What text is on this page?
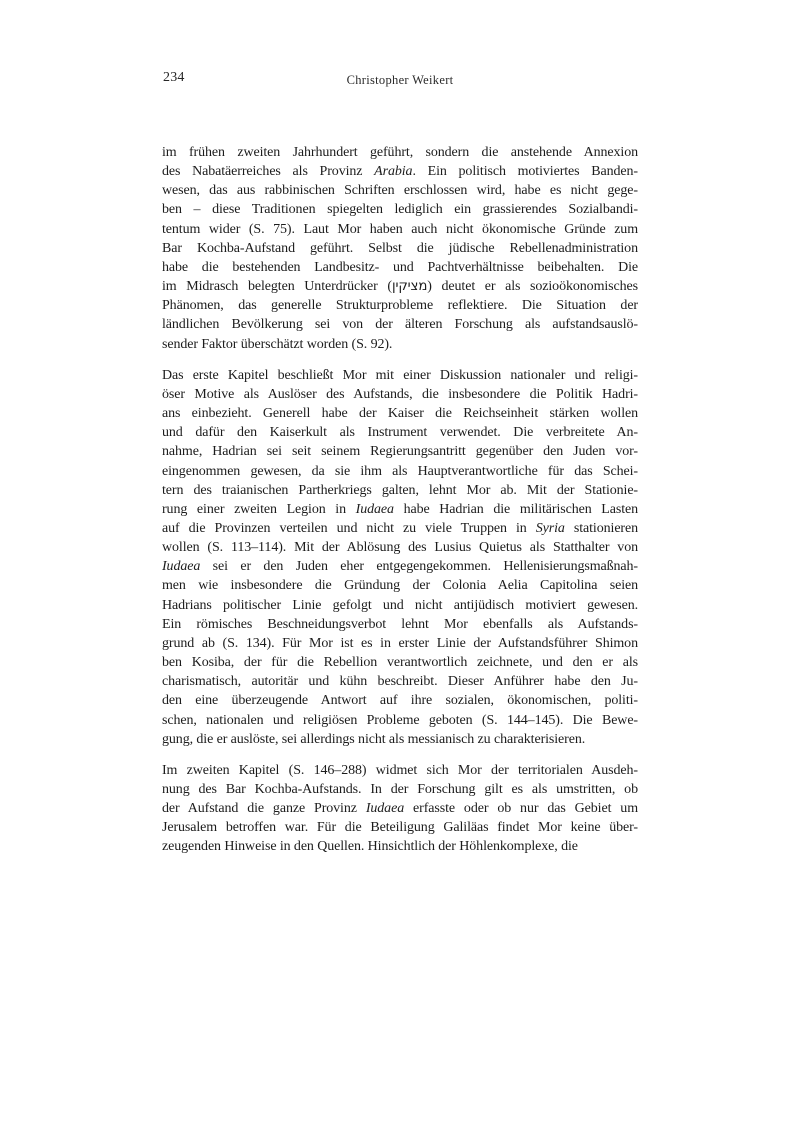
234	Christopher Weikert
im frühen zweiten Jahrhundert geführt, sondern die anstehende Annexion
des Nabatäerreiches als Provinz Arabia. Ein politisch motiviertes Banden-
wesen, das aus rabbinischen Schriften erschlossen wird, habe es nicht gege-
ben – diese Traditionen spiegelten lediglich ein grassierendes Sozialbandi-
tentum wider (S. 75). Laut Mor haben auch nicht ökonomische Gründe zum
Bar Kochba-Aufstand geführt. Selbst die jüdische Rebellenadministration
habe die bestehenden Landbesitz- und Pachtverhältnisse beibehalten. Die
im Midrasch belegten Unterdrücker (מציקין) deutet er als sozioökonomisches
Phänomen, das generelle Strukturprobleme reflektiere. Die Situation der
ländlichen Bevölkerung sei von der älteren Forschung als aufstandsauslö-
sender Faktor überschätzt worden (S. 92).
Das erste Kapitel beschließt Mor mit einer Diskussion nationaler und religi-
öser Motive als Auslöser des Aufstands, die insbesondere die Politik Hadri-
ans einbezieht. Generell habe der Kaiser die Reichseinheit stärken wollen
und dafür den Kaiserkult als Instrument verwendet. Die verbreitete An-
nahme, Hadrian sei seit seinem Regierungsantritt gegenüber den Juden vor-
eingenommen gewesen, da sie ihm als Hauptverantwortliche für das Schei-
tern des traianischen Partherkriegs galten, lehnt Mor ab. Mit der Stationie-
rung einer zweiten Legion in Iudaea habe Hadrian die militärischen Lasten
auf die Provinzen verteilen und nicht zu viele Truppen in Syria stationieren
wollen (S. 113–114). Mit der Ablösung des Lusius Quietus als Statthalter von
Iudaea sei er den Juden eher entgegengekommen. Hellenisierungsmaßnah-
men wie insbesondere die Gründung der Colonia Aelia Capitolina seien
Hadrians politischer Linie gefolgt und nicht antijüdisch motiviert gewesen.
Ein römisches Beschneidungsverbot lehnt Mor ebenfalls als Aufstands-
grund ab (S. 134). Für Mor ist es in erster Linie der Aufstandsführer Shimon
ben Kosiba, der für die Rebellion verantwortlich zeichnete, und den er als
charismatisch, autoritär und kühn beschreibt. Dieser Anführer habe den Ju-
den eine überzeugende Antwort auf ihre sozialen, ökonomischen, politi-
schen, nationalen und religiösen Probleme geboten (S. 144–145). Die Bewe-
gung, die er auslöste, sei allerdings nicht als messianisch zu charakterisieren.
Im zweiten Kapitel (S. 146–288) widmet sich Mor der territorialen Ausdeh-
nung des Bar Kochba-Aufstands. In der Forschung gilt es als umstritten, ob
der Aufstand die ganze Provinz Iudaea erfasste oder ob nur das Gebiet um
Jerusalem betroffen war. Für die Beteiligung Galiläas findet Mor keine über-
zeugenden Hinweise in den Quellen. Hinsichtlich der Höhlenkomplexe, die
